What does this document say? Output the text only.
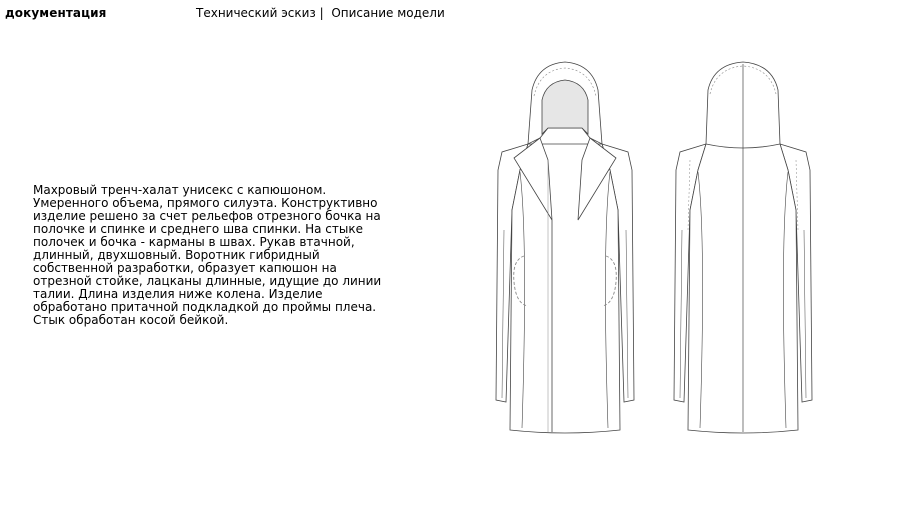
документация	Технический эскиз |  Описание модели
Махровый тренч-халат унисекс с капюшоном.
Умеренного объема, прямого силуэта. Конструктивно
изделие решено за счет рельефов отрезного бочка на
полочке и спинке и среднего шва спинки. На стыке
полочек и бочка - карманы в швах. Рукав втачной,
длинный, двухшовный. Воротник гибридный
собственной разработки, образует капюшон на
отрезной стойке, лацканы длинные, идущие до линии
талии. Длина изделия ниже колена. Изделие
обработано притачной подкладкой до проймы плеча.
Стык обработан косой бейкой.
